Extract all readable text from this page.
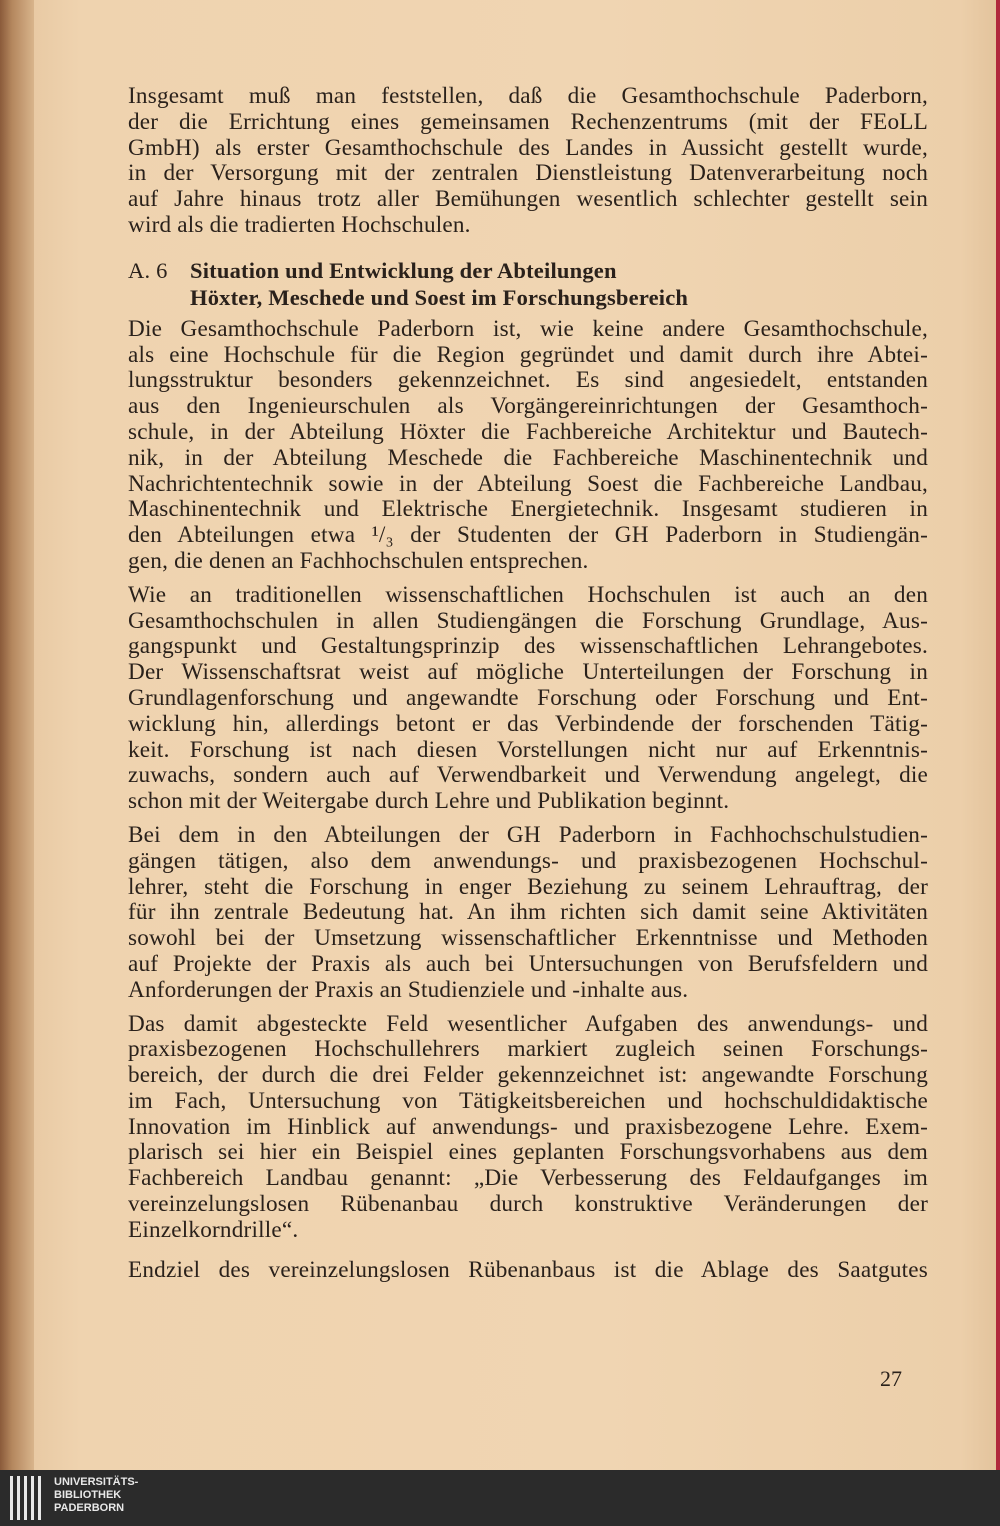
Insgesamt muß man feststellen, daß die Gesamthochschule Paderborn,
der die Errichtung eines gemeinsamen Rechenzentrums (mit der FEoLL
GmbH) als erster Gesamthochschule des Landes in Aussicht gestellt wurde,
in der Versorgung mit der zentralen Dienstleistung Datenverarbeitung noch
auf Jahre hinaus trotz aller Bemühungen wesentlich schlechter gestellt sein
wird als die tradierten Hochschulen.
A. 6 Situation und Entwicklung der Abteilungen
Höxter, Meschede und Soest im Forschungsbereich
Die Gesamthochschule Paderborn ist, wie keine andere Gesamthochschule,
als eine Hochschule für die Region gegründet und damit durch ihre Abtei-
lungsstruktur besonders gekennzeichnet. Es sind angesiedelt, entstanden
aus den Ingenieurschulen als Vorgängereinrichtungen der Gesamthoch-
schule, in der Abteilung Höxter die Fachbereiche Architektur und Bautech-
nik, in der Abteilung Meschede die Fachbereiche Maschinentechnik und
Nachrichtentechnik sowie in der Abteilung Soest die Fachbereiche Landbau,
Maschinentechnik und Elektrische Energietechnik. Insgesamt studieren in
den Abteilungen etwa ¹/₃ der Studenten der GH Paderborn in Studiengän-
gen, die denen an Fachhochschulen entsprechen.
Wie an traditionellen wissenschaftlichen Hochschulen ist auch an den
Gesamthochschulen in allen Studiengängen die Forschung Grundlage, Aus-
gangspunkt und Gestaltungsprinzip des wissenschaftlichen Lehrangebotes.
Der Wissenschaftsrat weist auf mögliche Unterteilungen der Forschung in
Grundlagenforschung und angewandte Forschung oder Forschung und Ent-
wicklung hin, allerdings betont er das Verbindende der forschenden Tätig-
keit. Forschung ist nach diesen Vorstellungen nicht nur auf Erkenntnis-
zuwachs, sondern auch auf Verwendbarkeit und Verwendung angelegt, die
schon mit der Weitergabe durch Lehre und Publikation beginnt.
Bei dem in den Abteilungen der GH Paderborn in Fachhochschulstudien-
gängen tätigen, also dem anwendungs- und praxisbezogenen Hochschul-
lehrer, steht die Forschung in enger Beziehung zu seinem Lehrauftrag, der
für ihn zentrale Bedeutung hat. An ihm richten sich damit seine Aktivitäten
sowohl bei der Umsetzung wissenschaftlicher Erkenntnisse und Methoden
auf Projekte der Praxis als auch bei Untersuchungen von Berufsfeldern und
Anforderungen der Praxis an Studienziele und -inhalte aus.
Das damit abgesteckte Feld wesentlicher Aufgaben des anwendungs- und
praxisbezogenen Hochschullehrers markiert zugleich seinen Forschungs-
bereich, der durch die drei Felder gekennzeichnet ist: angewandte Forschung
im Fach, Untersuchung von Tätigkeitsbereichen und hochschuldidaktische
Innovation im Hinblick auf anwendungs- und praxisbezogene Lehre. Exem-
plarisch sei hier ein Beispiel eines geplanten Forschungsvorhabens aus dem
Fachbereich Landbau genannt: „Die Verbesserung des Feldaufganges im
vereinzelungslosen Rübenanbau durch konstruktive Veränderungen der
Einzelkorndrille“.
Endziel des vereinzelungslosen Rübenanbaus ist die Ablage des Saatgutes
27
UNIVERSITÄTS-
BIBLIOTHEK
PADERBORN
